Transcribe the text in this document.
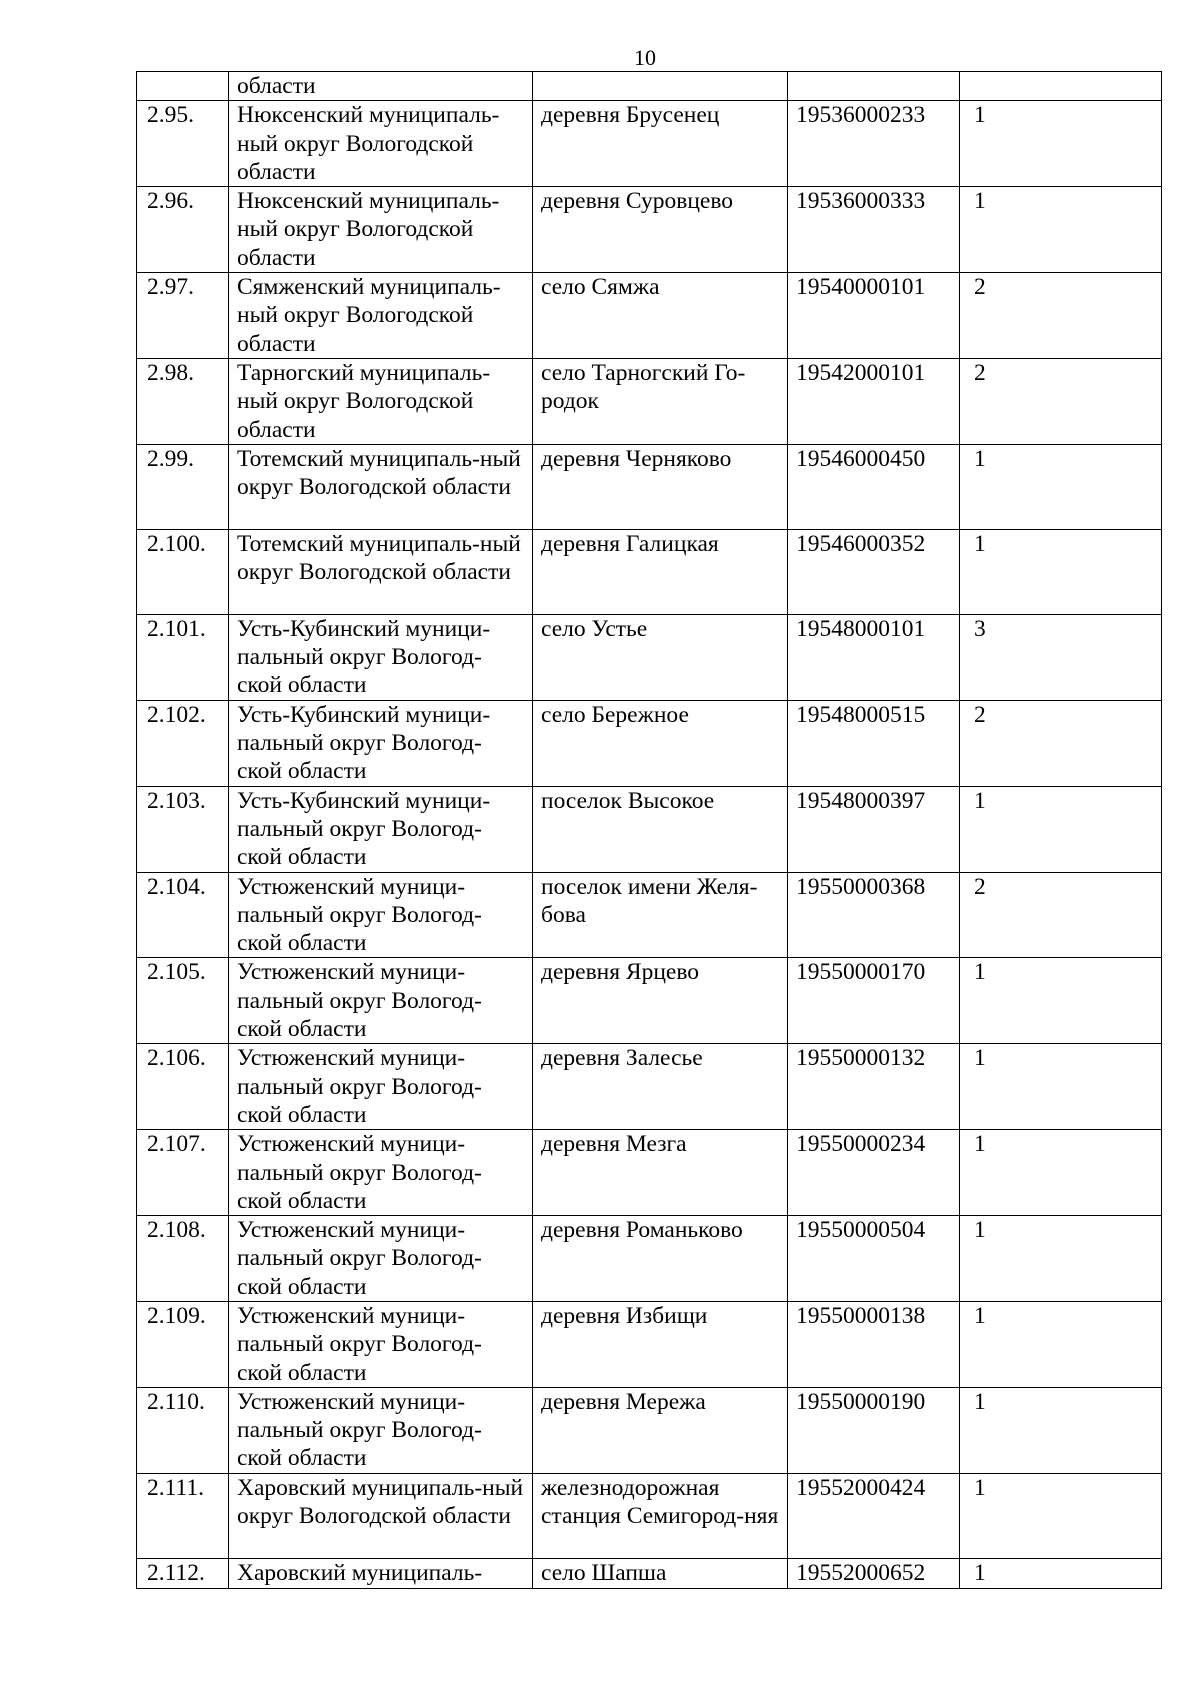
10
	области			
2.95.	Нюксенский муниципаль-ный округ Вологодской области	деревня Брусенец	19536000233	1
2.96.	Нюксенский муниципаль-ный округ Вологодской области	деревня Суровцево	19536000333	1
2.97.	Сямженский муниципаль-ный округ Вологодской области	село Сямжа	19540000101	2
2.98.	Тарногский муниципаль-ный округ Вологодской области	село Тарногский Го-родок	19542000101	2
2.99.	Тотемский муниципаль-ный округ Вологодской области	деревня Черняково	19546000450	1
2.100.	Тотемский муниципаль-ный округ Вологодской области	деревня Галицкая	19546000352	1
2.101.	Усть-Кубинский муници-пальный округ Вологод-ской области	село Устье	19548000101	3
2.102.	Усть-Кубинский муници-пальный округ Вологод-ской области	село Бережное	19548000515	2
2.103.	Усть-Кубинский муници-пальный округ Вологод-ской области	поселок Высокое	19548000397	1
2.104.	Устюженский муници-пальный округ Вологод-ской области	поселок имени Желя-бова	19550000368	2
2.105.	Устюженский муници-пальный округ Вологод-ской области	деревня Ярцево	19550000170	1
2.106.	Устюженский муници-пальный округ Вологод-ской области	деревня Залесье	19550000132	1
2.107.	Устюженский муници-пальный округ Вологод-ской области	деревня Мезга	19550000234	1
2.108.	Устюженский муници-пальный округ Вологод-ской области	деревня Романьково	19550000504	1
2.109.	Устюженский муници-пальный округ Вологод-ской области	деревня Избищи	19550000138	1
2.110.	Устюженский муници-пальный округ Вологод-ской области	деревня Мережа	19550000190	1
2.111.	Харовский муниципаль-ный округ Вологодской области	железнодорожная станция Семигород-няя	19552000424	1
2.112.	Харовский муниципаль-	село Шапша	19552000652	1
